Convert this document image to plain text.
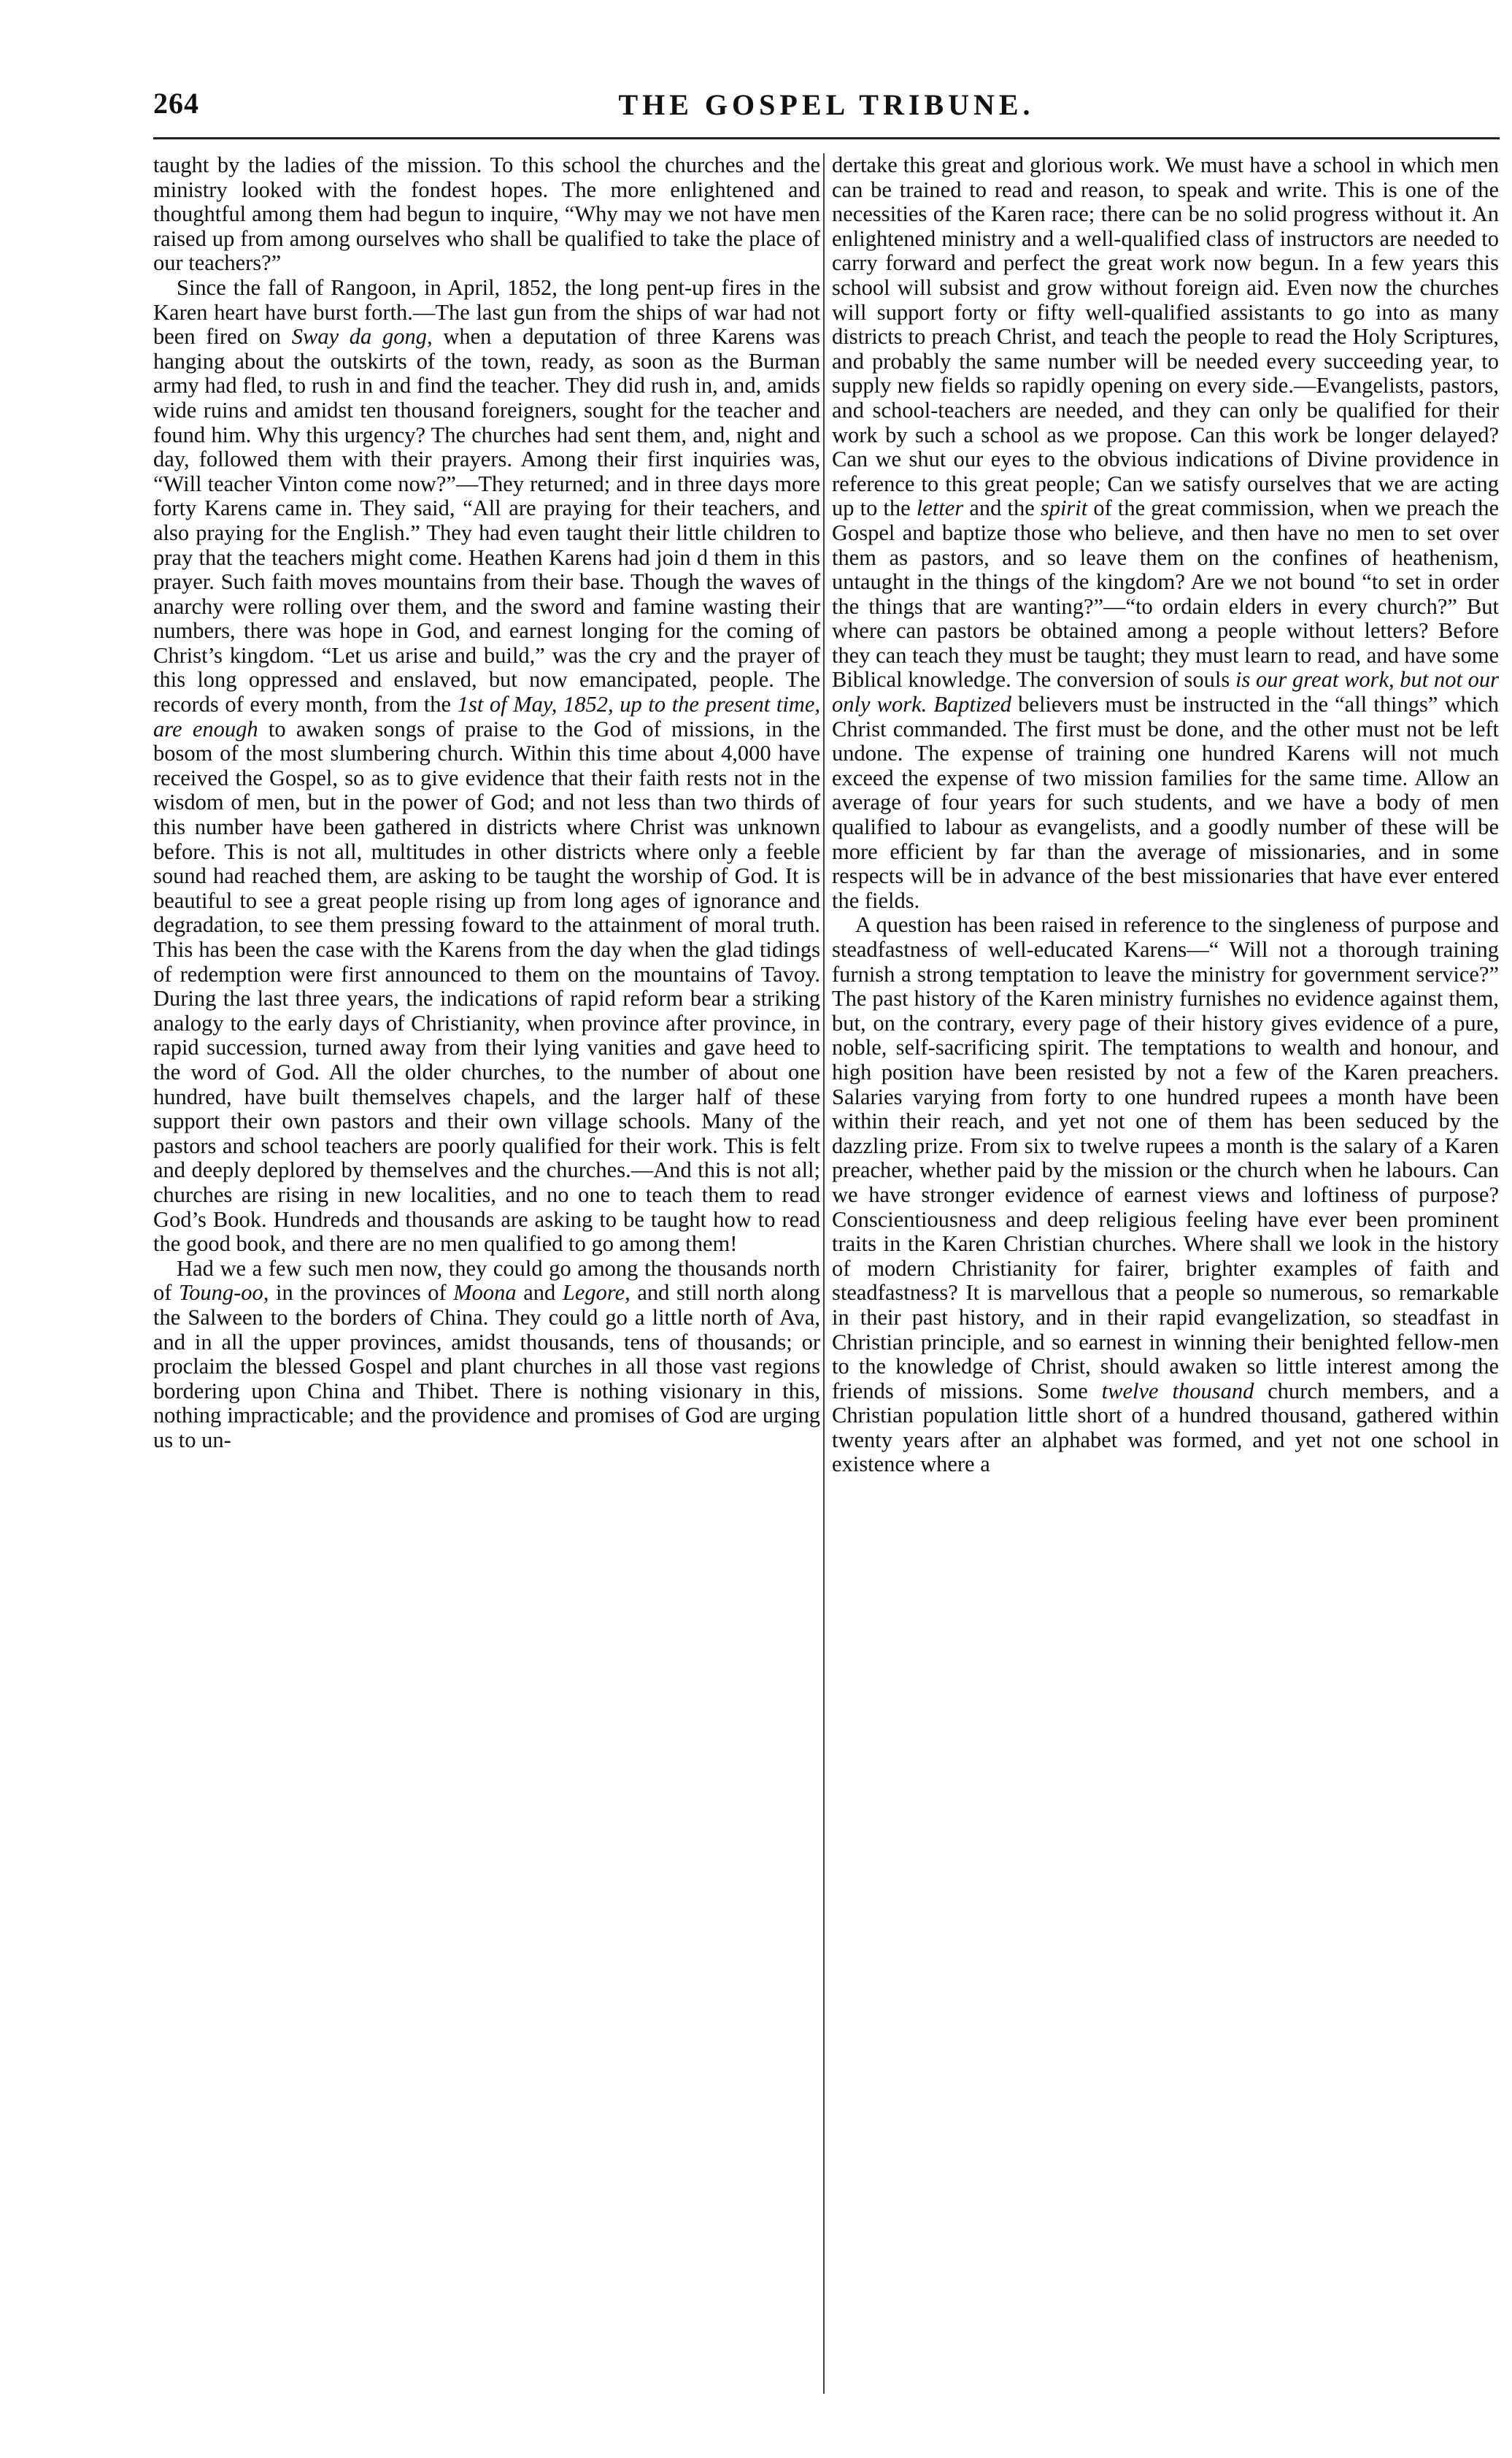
264	THE GOSPEL TRIBUNE.

taught by the ladies of the mission. To this school the churches and the ministry looked with the fondest hopes. The more enlightened and thoughtful among them had begun to inquire, “Why may we not have men raised up from among ourselves who shall be qualified to take the place of our teachers?”

Since the fall of Rangoon, in April, 1852, the long pent-up fires in the Karen heart have burst forth.—The last gun from the ships of war had not been fired on Sway da gong, when a deputation of three Karens was hanging about the outskirts of the town, ready, as soon as the Burman army had fled, to rush in and find the teacher. They did rush in, and, amids wide ruins and amidst ten thousand foreigners, sought for the teacher and found him. Why this urgency? The churches had sent them, and, night and day, followed them with their prayers. Among their first inquiries was, “Will teacher Vinton come now?”—They returned; and in three days more forty Karens came in. They said, “All are praying for their teachers, and also praying for the English.” They had even taught their little children to pray that the teachers might come. Heathen Karens had join d them in this prayer. Such faith moves mountains from their base. Though the waves of anarchy were rolling over them, and the sword and famine wasting their numbers, there was hope in God, and earnest longing for the coming of Christ’s kingdom. “Let us arise and build,” was the cry and the prayer of this long oppressed and enslaved, but now emancipated, people. The records of every month, from the 1st of May, 1852, up to the present time, are enough to awaken songs of praise to the God of missions, in the bosom of the most slumbering church. Within this time about 4,000 have received the Gospel, so as to give evidence that their faith rests not in the wisdom of men, but in the power of God; and not less than two thirds of this number have been gathered in districts where Christ was unknown before. This is not all, multitudes in other districts where only a feeble sound had reached them, are asking to be taught the worship of God. It is beautiful to see a great people rising up from long ages of ignorance and degradation, to see them pressing foward to the attainment of moral truth. This has been the case with the Karens from the day when the glad tidings of redemption were first announced to them on the mountains of Tavoy. During the last three years, the indications of rapid reform bear a striking analogy to the early days of Christianity, when province after province, in rapid succession, turned away from their lying vanities and gave heed to the word of God. All the older churches, to the number of about one hundred, have built themselves chapels, and the larger half of these support their own pastors and their own village schools. Many of the pastors and school teachers are poorly qualified for their work. This is felt and deeply deplored by themselves and the churches.—And this is not all; churches are rising in new localities, and no one to teach them to read God’s Book. Hundreds and thousands are asking to be taught how to read the good book, and there are no men qualified to go among them!

Had we a few such men now, they could go among the thousands north of Toung-oo, in the provinces of Moona and Legore, and still north along the Salween to the borders of China. They could go a little north of Ava, and in all the upper provinces, amidst thousands, tens of thousands; or proclaim the blessed Gospel and plant churches in all those vast regions bordering upon China and Thibet. There is nothing visionary in this, nothing impracticable; and the providence and promises of God are urging us to un-

dertake this great and glorious work. We must have a school in which men can be trained to read and reason, to speak and write. This is one of the necessities of the Karen race; there can be no solid progress without it. An enlightened ministry and a well-qualified class of instructors are needed to carry forward and perfect the great work now begun. In a few years this school will subsist and grow without foreign aid. Even now the churches will support forty or fifty well-qualified assistants to go into as many districts to preach Christ, and teach the people to read the Holy Scriptures, and probably the same number will be needed every succeeding year, to supply new fields so rapidly opening on every side.—Evangelists, pastors, and school-teachers are needed, and they can only be qualified for their work by such a school as we propose. Can this work be longer delayed? Can we shut our eyes to the obvious indications of Divine providence in reference to this great people; Can we satisfy ourselves that we are acting up to the letter and the spirit of the great commission, when we preach the Gospel and baptize those who believe, and then have no men to set over them as pastors, and so leave them on the confines of heathenism, untaught in the things of the kingdom? Are we not bound “to set in order the things that are wanting?”—“to ordain elders in every church?” But where can pastors be obtained among a people without letters? Before they can teach they must be taught; they must learn to read, and have some Biblical knowledge. The conversion of souls is our great work, but not our only work. Baptized believers must be instructed in the “all things” which Christ commanded. The first must be done, and the other must not be left undone. The expense of training one hundred Karens will not much exceed the expense of two mission families for the same time. Allow an average of four years for such students, and we have a body of men qualified to labour as evangelists, and a goodly number of these will be more efficient by far than the average of missionaries, and in some respects will be in advance of the best missionaries that have ever entered the fields.

A question has been raised in reference to the singleness of purpose and steadfastness of well-educated Karens—“ Will not a thorough training furnish a strong temptation to leave the ministry for government service?” The past history of the Karen ministry furnishes no evidence against them, but, on the contrary, every page of their history gives evidence of a pure, noble, self-sacrificing spirit. The temptations to wealth and honour, and high position have been resisted by not a few of the Karen preachers. Salaries varying from forty to one hundred rupees a month have been within their reach, and yet not one of them has been seduced by the dazzling prize. From six to twelve rupees a month is the salary of a Karen preacher, whether paid by the mission or the church when he labours. Can we have stronger evidence of earnest views and loftiness of purpose? Conscientiousness and deep religious feeling have ever been prominent traits in the Karen Christian churches. Where shall we look in the history of modern Christianity for fairer, brighter examples of faith and steadfastness? It is marvellous that a people so numerous, so remarkable in their past history, and in their rapid evangelization, so steadfast in Christian principle, and so earnest in winning their benighted fellow-men to the knowledge of Christ, should awaken so little interest among the friends of missions. Some twelve thousand church members, and a Christian population little short of a hundred thousand, gathered within twenty years after an alphabet was formed, and yet not one school in existence where a
